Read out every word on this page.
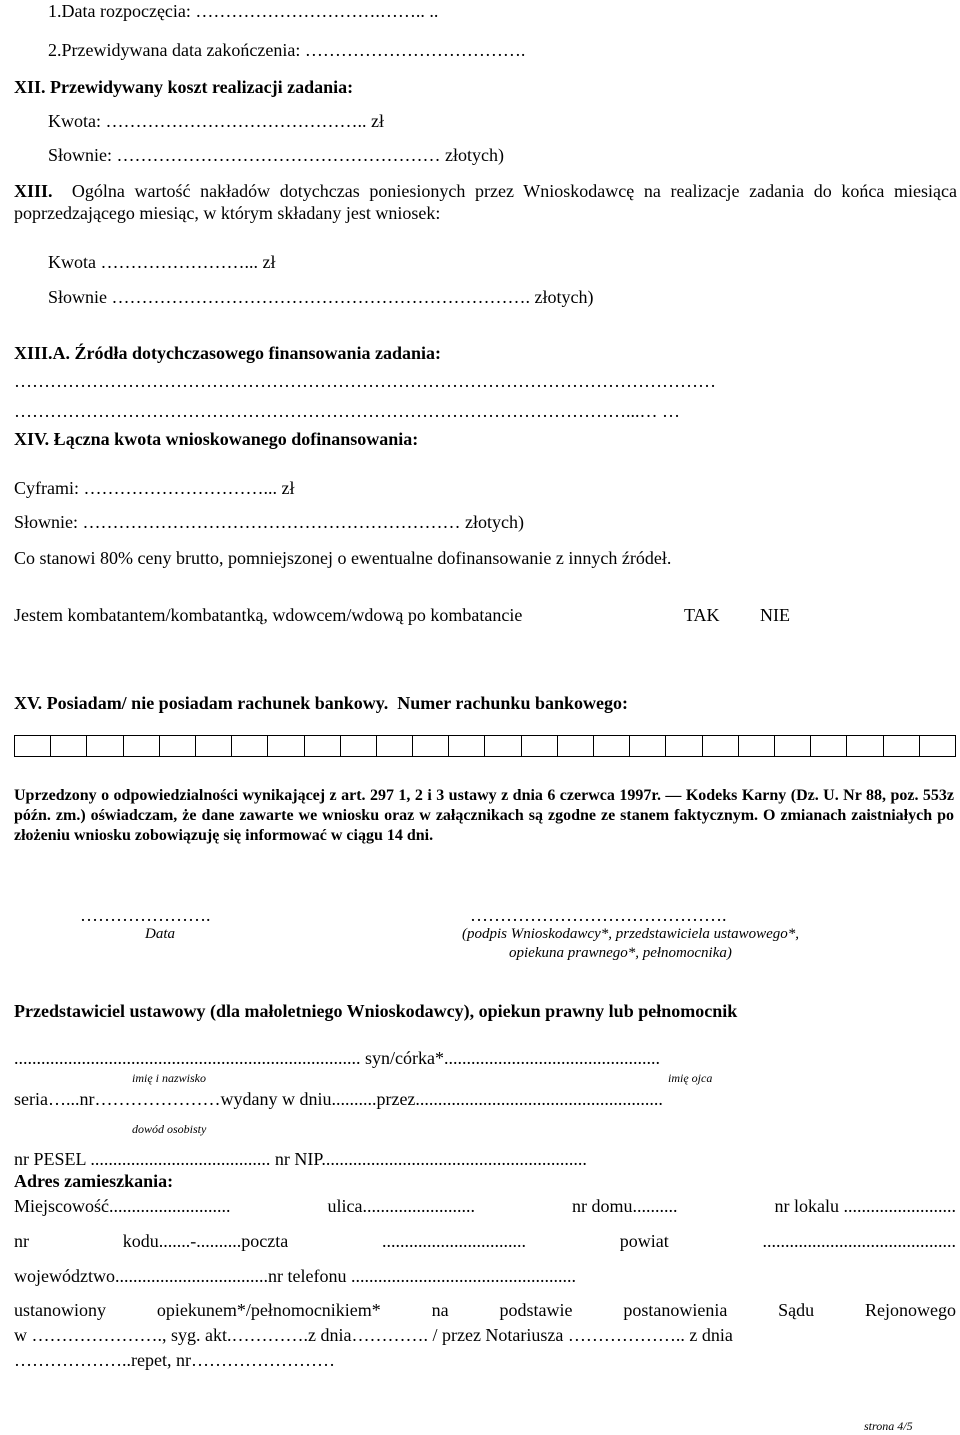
1.Data rozpoczęcia: ………………………….…….. ..
2.Przewidywana data zakończenia: ……………………………….
XII. Przewidywany koszt realizacji zadania:
Kwota: …………………………………….. zł
Słownie: ……………………………………………… złotych)
XIII. Ogólna wartość nakładów dotychczas poniesionych przez Wnioskodawcę na realizacje zadania do końca miesiąca poprzedzającego miesiąc, w którym składany jest wniosek:
Kwota ……………………... zł
Słownie ……………………………………………………………. złotych)
XIII.A. Źródła dotychczasowego finansowania zadania:
………………………………………………………………………………………………………
…………………………………………………………………………………………...… …
XIV. Łączna kwota wnioskowanego dofinansowania:
Cyframi: …………………………... zł
Słownie: ……………………………………………………… złotych)
Co stanowi 80% ceny brutto, pomniejszonej o ewentualne dofinansowanie z innych źródeł.
Jestem kombatantem/kombatantką, wdowcem/wdową po kombatancie	TAK NIE
XV. Posiadam/ nie posiadam rachunek bankowy. Numer rachunku bankowego:
Uprzedzony o odpowiedzialności wynikającej z art. 297 1, 2 i 3 ustawy z dnia 6 czerwca 1997r. — Kodeks Karny (Dz. U. Nr 88, poz. 553z późn. zm.) oświadczam, że dane zawarte we wniosku oraz w załącznikach są zgodne ze stanem faktycznym. O zmianach zaistniałych po złożeniu wniosku zobowiązuję się informować w ciągu 14 dni.
………………….
Data
…………………………………….
(podpis Wnioskodawcy*, przedstawiciela ustawowego*,
opiekuna prawnego*, pełnomocnika)
Przedstawiciel ustawowy (dla małoletniego Wnioskodawcy), opiekun prawny lub pełnomocnik
............................................................................. syn/córka*................................................
imię i nazwisko	imię ojca
seria…...nr…………………wydany w dniu..........przez.......................................................
dowód osobisty
nr PESEL ........................................ nr NIP...........................................................
Adres zamieszkania:
Miejscowość...........................	ulica.........................	nr domu..........	nr lokalu .........................
nr	kodu.......-..........poczta	................................	powiat	...........................................
województwo..................................nr telefonu ..................................................
ustanowiony	opiekunem*/pełnomocnikiem*	na	podstawie	postanowienia	Sądu	Rejonowego
w …………………., syg. akt.………….z dnia…………. / przez Notariusza ……………….. z dnia
………………..repet, nr……………………
strona 4/5
